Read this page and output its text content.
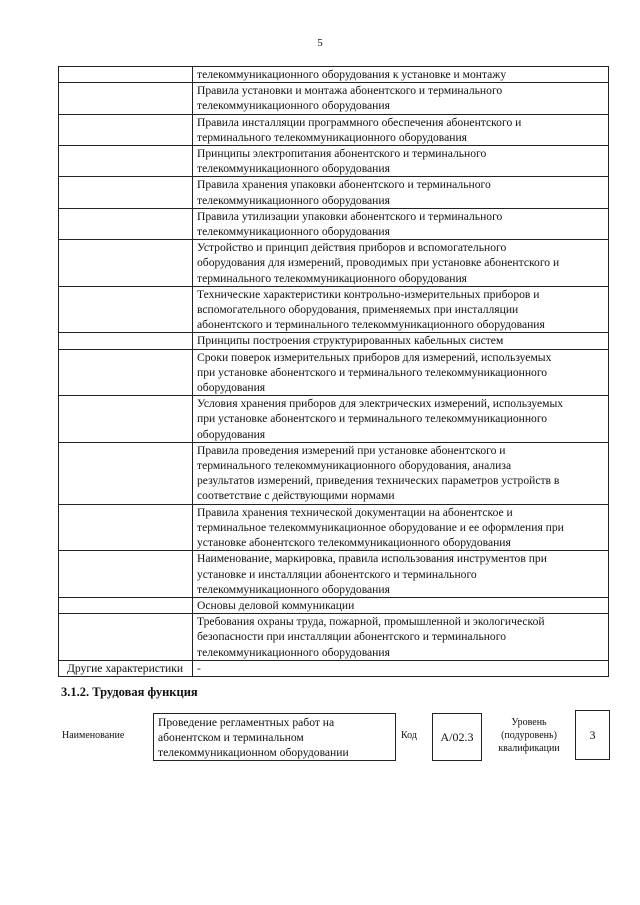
5

	телекоммуникационного оборудования к установке и монтажу

	Правила установки и монтажа абонентского и терминального
телекоммуникационного оборудования

	Правила инсталляции программного обеспечения абонентского и
терминального телекоммуникационного оборудования

	Принципы электропитания абонентского и терминального
телекоммуникационного оборудования

	Правила хранения упаковки абонентского и терминального
телекоммуникационного оборудования

	Правила утилизации упаковки абонентского и терминального
телекоммуникационного оборудования

	Устройство и принцип действия приборов и вспомогательного
оборудования для измерений, проводимых при установке абонентского и
терминального телекоммуникационного оборудования

	Технические характеристики контрольно-измерительных приборов и
вспомогательного оборудования, применяемых при инсталляции
абонентского и терминального телекоммуникационного оборудования

	Принципы построения структурированных кабельных систем

	Сроки поверок измерительных приборов для измерений, используемых
при установке абонентского и терминального телекоммуникационного
оборудования

	Условия хранения приборов для электрических измерений, используемых
при установке абонентского и терминального телекоммуникационного
оборудования

	Правила проведения измерений при установке абонентского и
терминального телекоммуникационного оборудования, анализа
результатов измерений, приведения технических параметров устройств в
соответствие с действующими нормами

	Правила хранения технической документации на абонентское и
терминальное телекоммуникационное оборудование и ее оформления при
установке абонентского телекоммуникационного оборудования

	Наименование, маркировка, правила использования инструментов при
установке и инсталляции абонентского и терминального
телекоммуникационного оборудования

	Основы деловой коммуникации

	Требования охраны труда, пожарной, промышленной и экологической
безопасности при инсталляции абонентского и терминального
телекоммуникационного оборудования

Другие характеристики	-
3.1.2. Трудовая функция
Наименование
Проведение регламентных работ на абонентском и терминальном телекоммуникационном оборудовании
Код	A/02.3
Уровень (подуровень) квалификации
3
